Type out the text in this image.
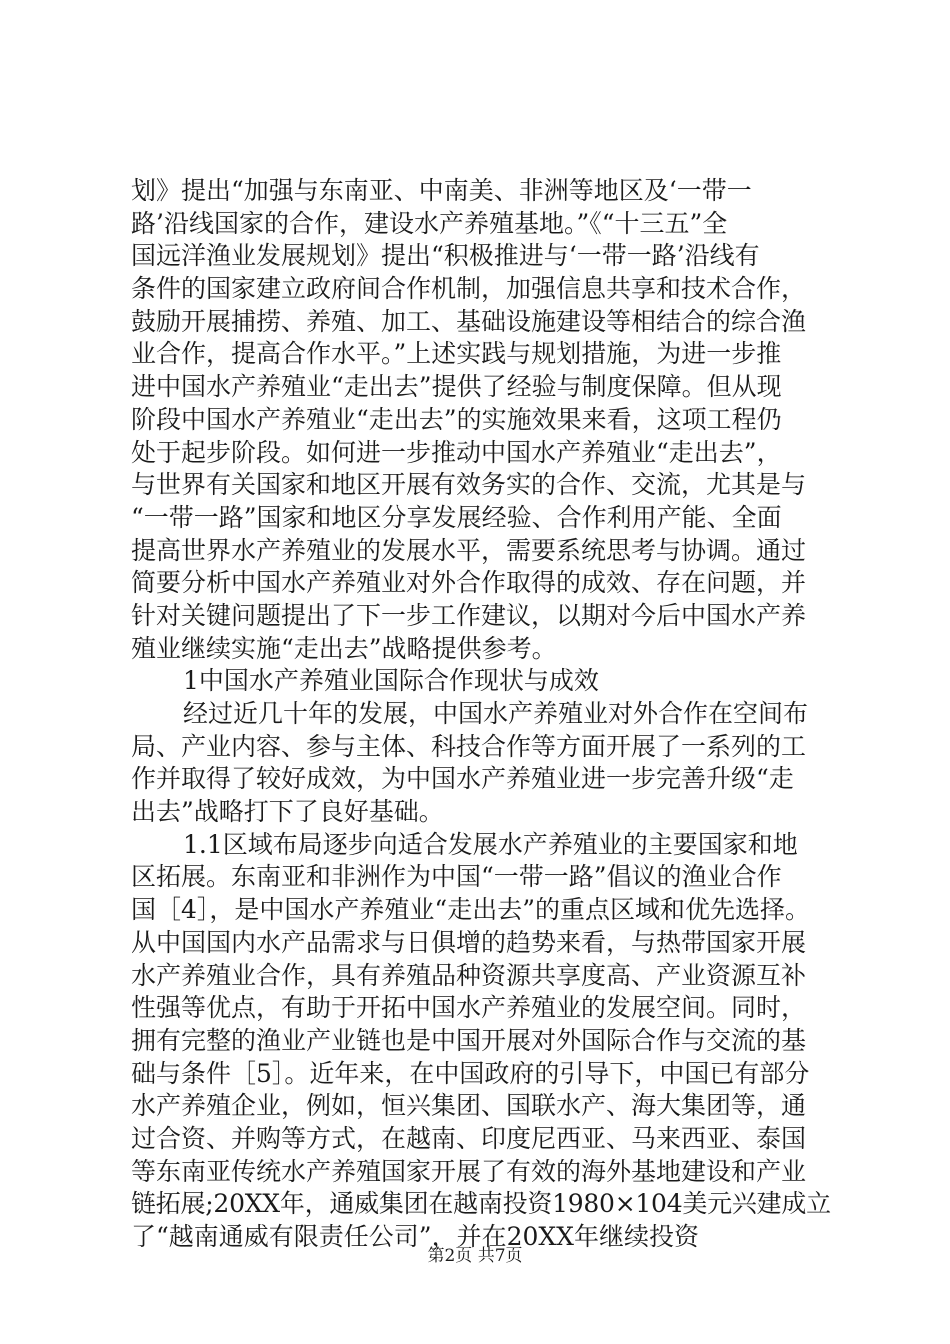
划》提出“加强与东南亚、中南美、非洲等地区及‘一带一
路’沿线国家的合作，建设水产养殖基地。”《“十三五”全
国远洋渔业发展规划》提出“积极推进与‘一带一路’沿线有
条件的国家建立政府间合作机制，加强信息共享和技术合作，
鼓励开展捕捞、养殖、加工、基础设施建设等相结合的综合渔
业合作，提高合作水平。”上述实践与规划措施，为进一步推
进中国水产养殖业“走出去”提供了经验与制度保障。但从现
阶段中国水产养殖业“走出去”的实施效果来看，这项工程仍
处于起步阶段。如何进一步推动中国水产养殖业“走出去”，
与世界有关国家和地区开展有效务实的合作、交流，尤其是与
“一带一路”国家和地区分享发展经验、合作利用产能、全面
提高世界水产养殖业的发展水平，需要系统思考与协调。通过
简要分析中国水产养殖业对外合作取得的成效、存在问题，并
针对关键问题提出了下一步工作建议，以期对今后中国水产养
殖业继续实施“走出去”战略提供参考。
1中国水产养殖业国际合作现状与成效
经过近几十年的发展，中国水产养殖业对外合作在空间布
局、产业内容、参与主体、科技合作等方面开展了一系列的工
作并取得了较好成效，为中国水产养殖业进一步完善升级“走
出去”战略打下了良好基础。
1.1区域布局逐步向适合发展水产养殖业的主要国家和地
区拓展。东南亚和非洲作为中国“一带一路”倡议的渔业合作
国［4］，是中国水产养殖业“走出去”的重点区域和优先选择。
从中国国内水产品需求与日俱增的趋势来看，与热带国家开展
水产养殖业合作，具有养殖品种资源共享度高、产业资源互补
性强等优点，有助于开拓中国水产养殖业的发展空间。同时，
拥有完整的渔业产业链也是中国开展对外国际合作与交流的基
础与条件［5］。近年来，在中国政府的引导下，中国已有部分
水产养殖企业，例如，恒兴集团、国联水产、海大集团等，通
过合资、并购等方式，在越南、印度尼西亚、马来西亚、泰国
等东南亚传统水产养殖国家开展了有效的海外基地建设和产业
链拓展;20XX年，通威集团在越南投资1980×104美元兴建成立
了“越南通威有限责任公司”，并在20XX年继续投资
第2页 共7页
